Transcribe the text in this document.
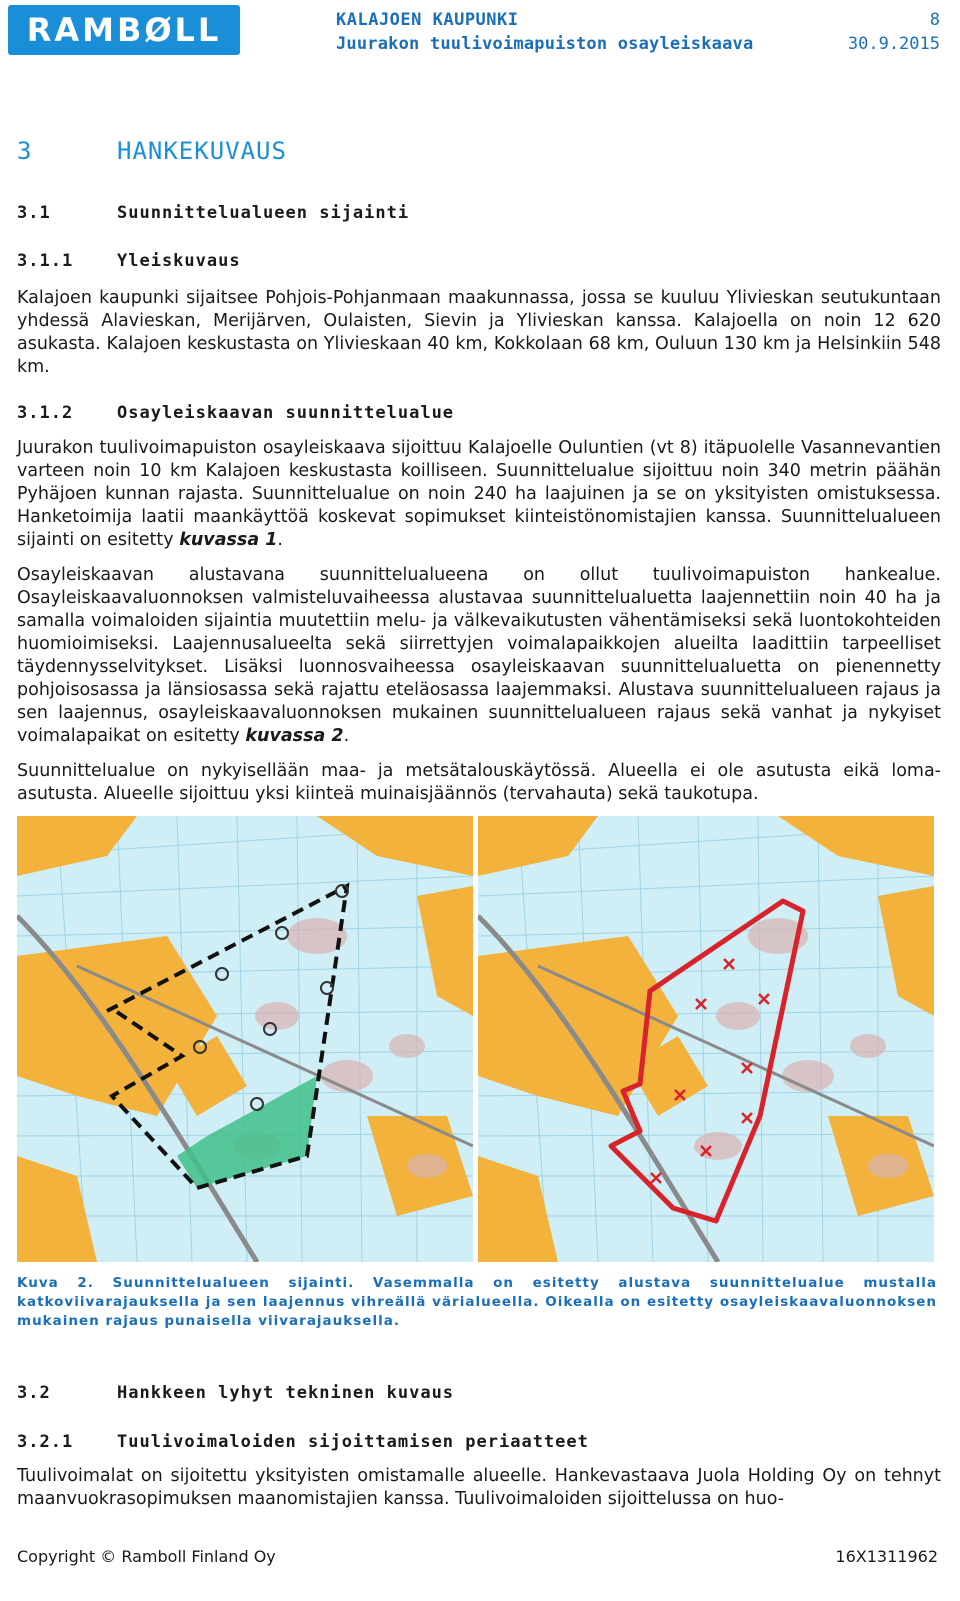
RAMBØLL	KALAJOEN KAUPUNKI
Juurakon tuulivoimapuiston osayleiskaava
8
30.9.2015
3	HANKEKUVAUS
3.1	Suunnittelualueen sijainti
3.1.1	Yleiskuvaus
Kalajoen kaupunki sijaitsee Pohjois-Pohjanmaan maakunnassa, jossa se kuuluu Ylivieskan seutukuntaan yhdessä Alavieskan, Merijärven, Oulaisten, Sievin ja Ylivieskan kanssa. Kalajoella on noin 12 620 asukasta. Kalajoen keskustasta on Ylivieskaan 40 km, Kokkolaan 68 km, Ouluun 130 km ja Helsinkiin 548 km.
3.1.2	Osayleiskaavan suunnittelualue
Juurakon tuulivoimapuiston osayleiskaava sijoittuu Kalajoelle Ouluntien (vt 8) itäpuolelle Vasannevantien varteen noin 10 km Kalajoen keskustasta koilliseen. Suunnittelualue sijoittuu noin 340 metrin päähän Pyhäjoen kunnan rajasta. Suunnittelualue on noin 240 ha laajuinen ja se on yksityisten omistuksessa. Hanketoimija laatii maankäyttöä koskevat sopimukset kiinteistönomistajien kanssa. Suunnittelualueen sijainti on esitetty kuvassa 1.
Osayleiskaavan alustavana suunnittelualueena on ollut tuulivoimapuiston hankealue. Osayleiskaavaluonnoksen valmisteluvaiheessa alustavaa suunnittelualuetta laajennettiin noin 40 ha ja samalla voimaloiden sijaintia muutettiin melu- ja välkevaikutusten vähentämiseksi sekä luontokohteiden huomioimiseksi. Laajennusalueelta sekä siirrettyjen voimalapaikkojen alueilta laadittiin tarpeelliset täydennysselvitykset. Lisäksi luonnosvaiheessa osayleiskaavan suunnittelualuetta on pienennetty pohjoisosassa ja länsiosassa sekä rajattu eteläosassa laajemmaksi. Alustava suunnittelualueen rajaus ja sen laajennus, osayleiskaavaluonnoksen mukainen suunnittelualueen rajaus sekä vanhat ja nykyiset voimalapaikat on esitetty kuvassa 2.
Suunnittelualue on nykyisellään maa- ja metsätalouskäytössä. Alueella ei ole asutusta eikä loma-asutusta. Alueelle sijoittuu yksi kiinteä muinaisjäännös (tervahauta) sekä taukotupa.
Kuva 2. Suunnittelualueen sijainti. Vasemmalla on esitetty alustava suunnittelualue mustalla katkoviivarajauksella ja sen laajennus vihreällä värialueella. Oikealla on esitetty osayleiskaavaluonnoksen mukainen rajaus punaisella viivarajauksella.
3.2	Hankkeen lyhyt tekninen kuvaus
3.2.1	Tuulivoimaloiden sijoittamisen periaatteet
Tuulivoimalat on sijoitettu yksityisten omistamalle alueelle. Hankevastaava Juola Holding Oy on tehnyt maanvuokrasopimuksen maanomistajien kanssa. Tuulivoimaloiden sijoittelussa on huo-
Copyright © Ramboll Finland Oy	16X1311962
